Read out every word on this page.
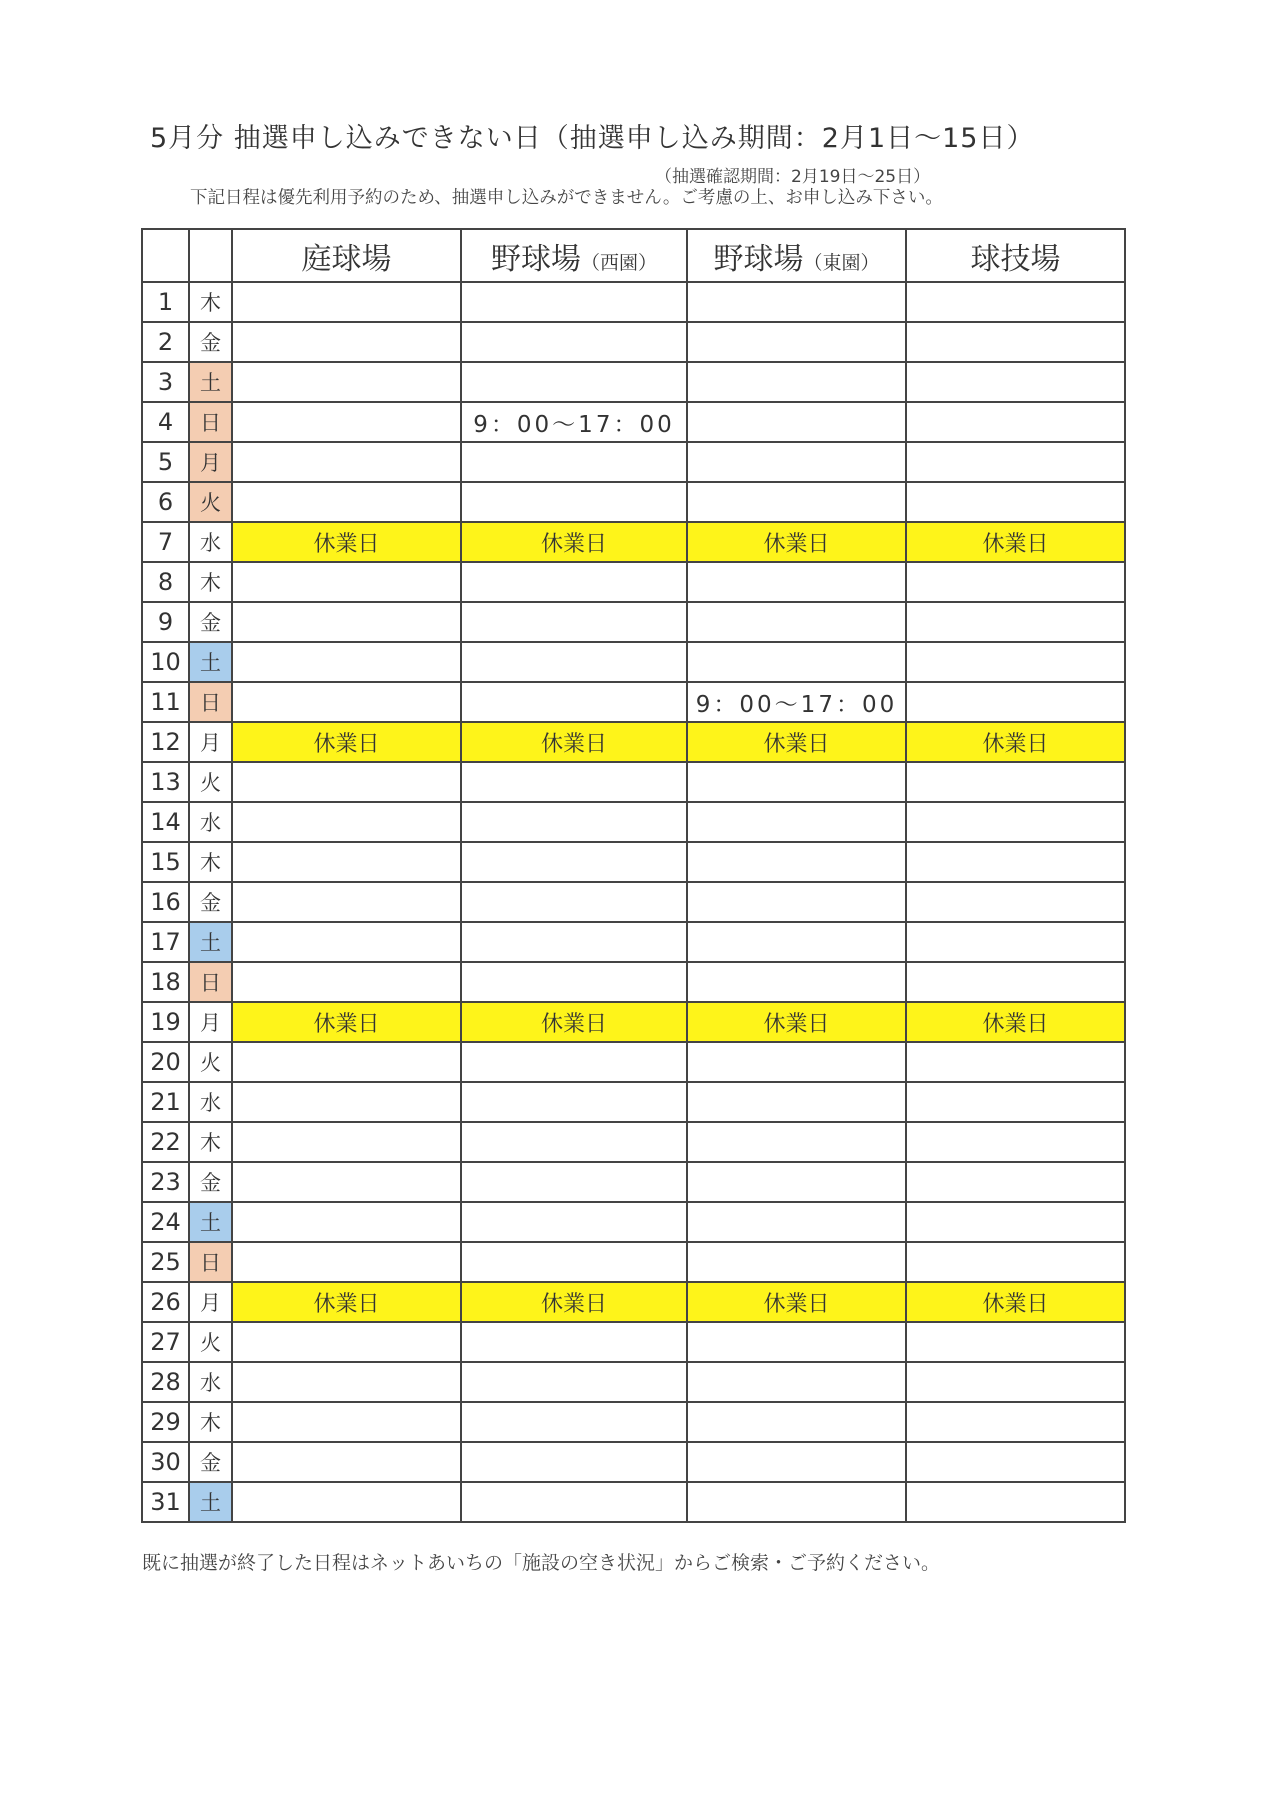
5月分 抽選申し込みできない日（抽選申し込み期間：2月1日～15日）
（抽選確認期間：2月19日～25日）
下記日程は優先利用予約のため、抽選申し込みができません。ご考慮の上、お申し込み下さい。
		庭球場	野球場（西園）	野球場（東園）	球技場
1	木				
2	金				
3	土				
4	日		9：00～17：00		
5	月				
6	火				
7	水	休業日	休業日	休業日	休業日
8	木				
9	金				
10	土				
11	日			9：00～17：00	
12	月	休業日	休業日	休業日	休業日
13	火				
14	水				
15	木				
16	金				
17	土				
18	日				
19	月	休業日	休業日	休業日	休業日
20	火				
21	水				
22	木				
23	金				
24	土				
25	日				
26	月	休業日	休業日	休業日	休業日
27	火				
28	水				
29	木				
30	金				
31	土				
既に抽選が終了した日程はネットあいちの「施設の空き状況」からご検索・ご予約ください。
